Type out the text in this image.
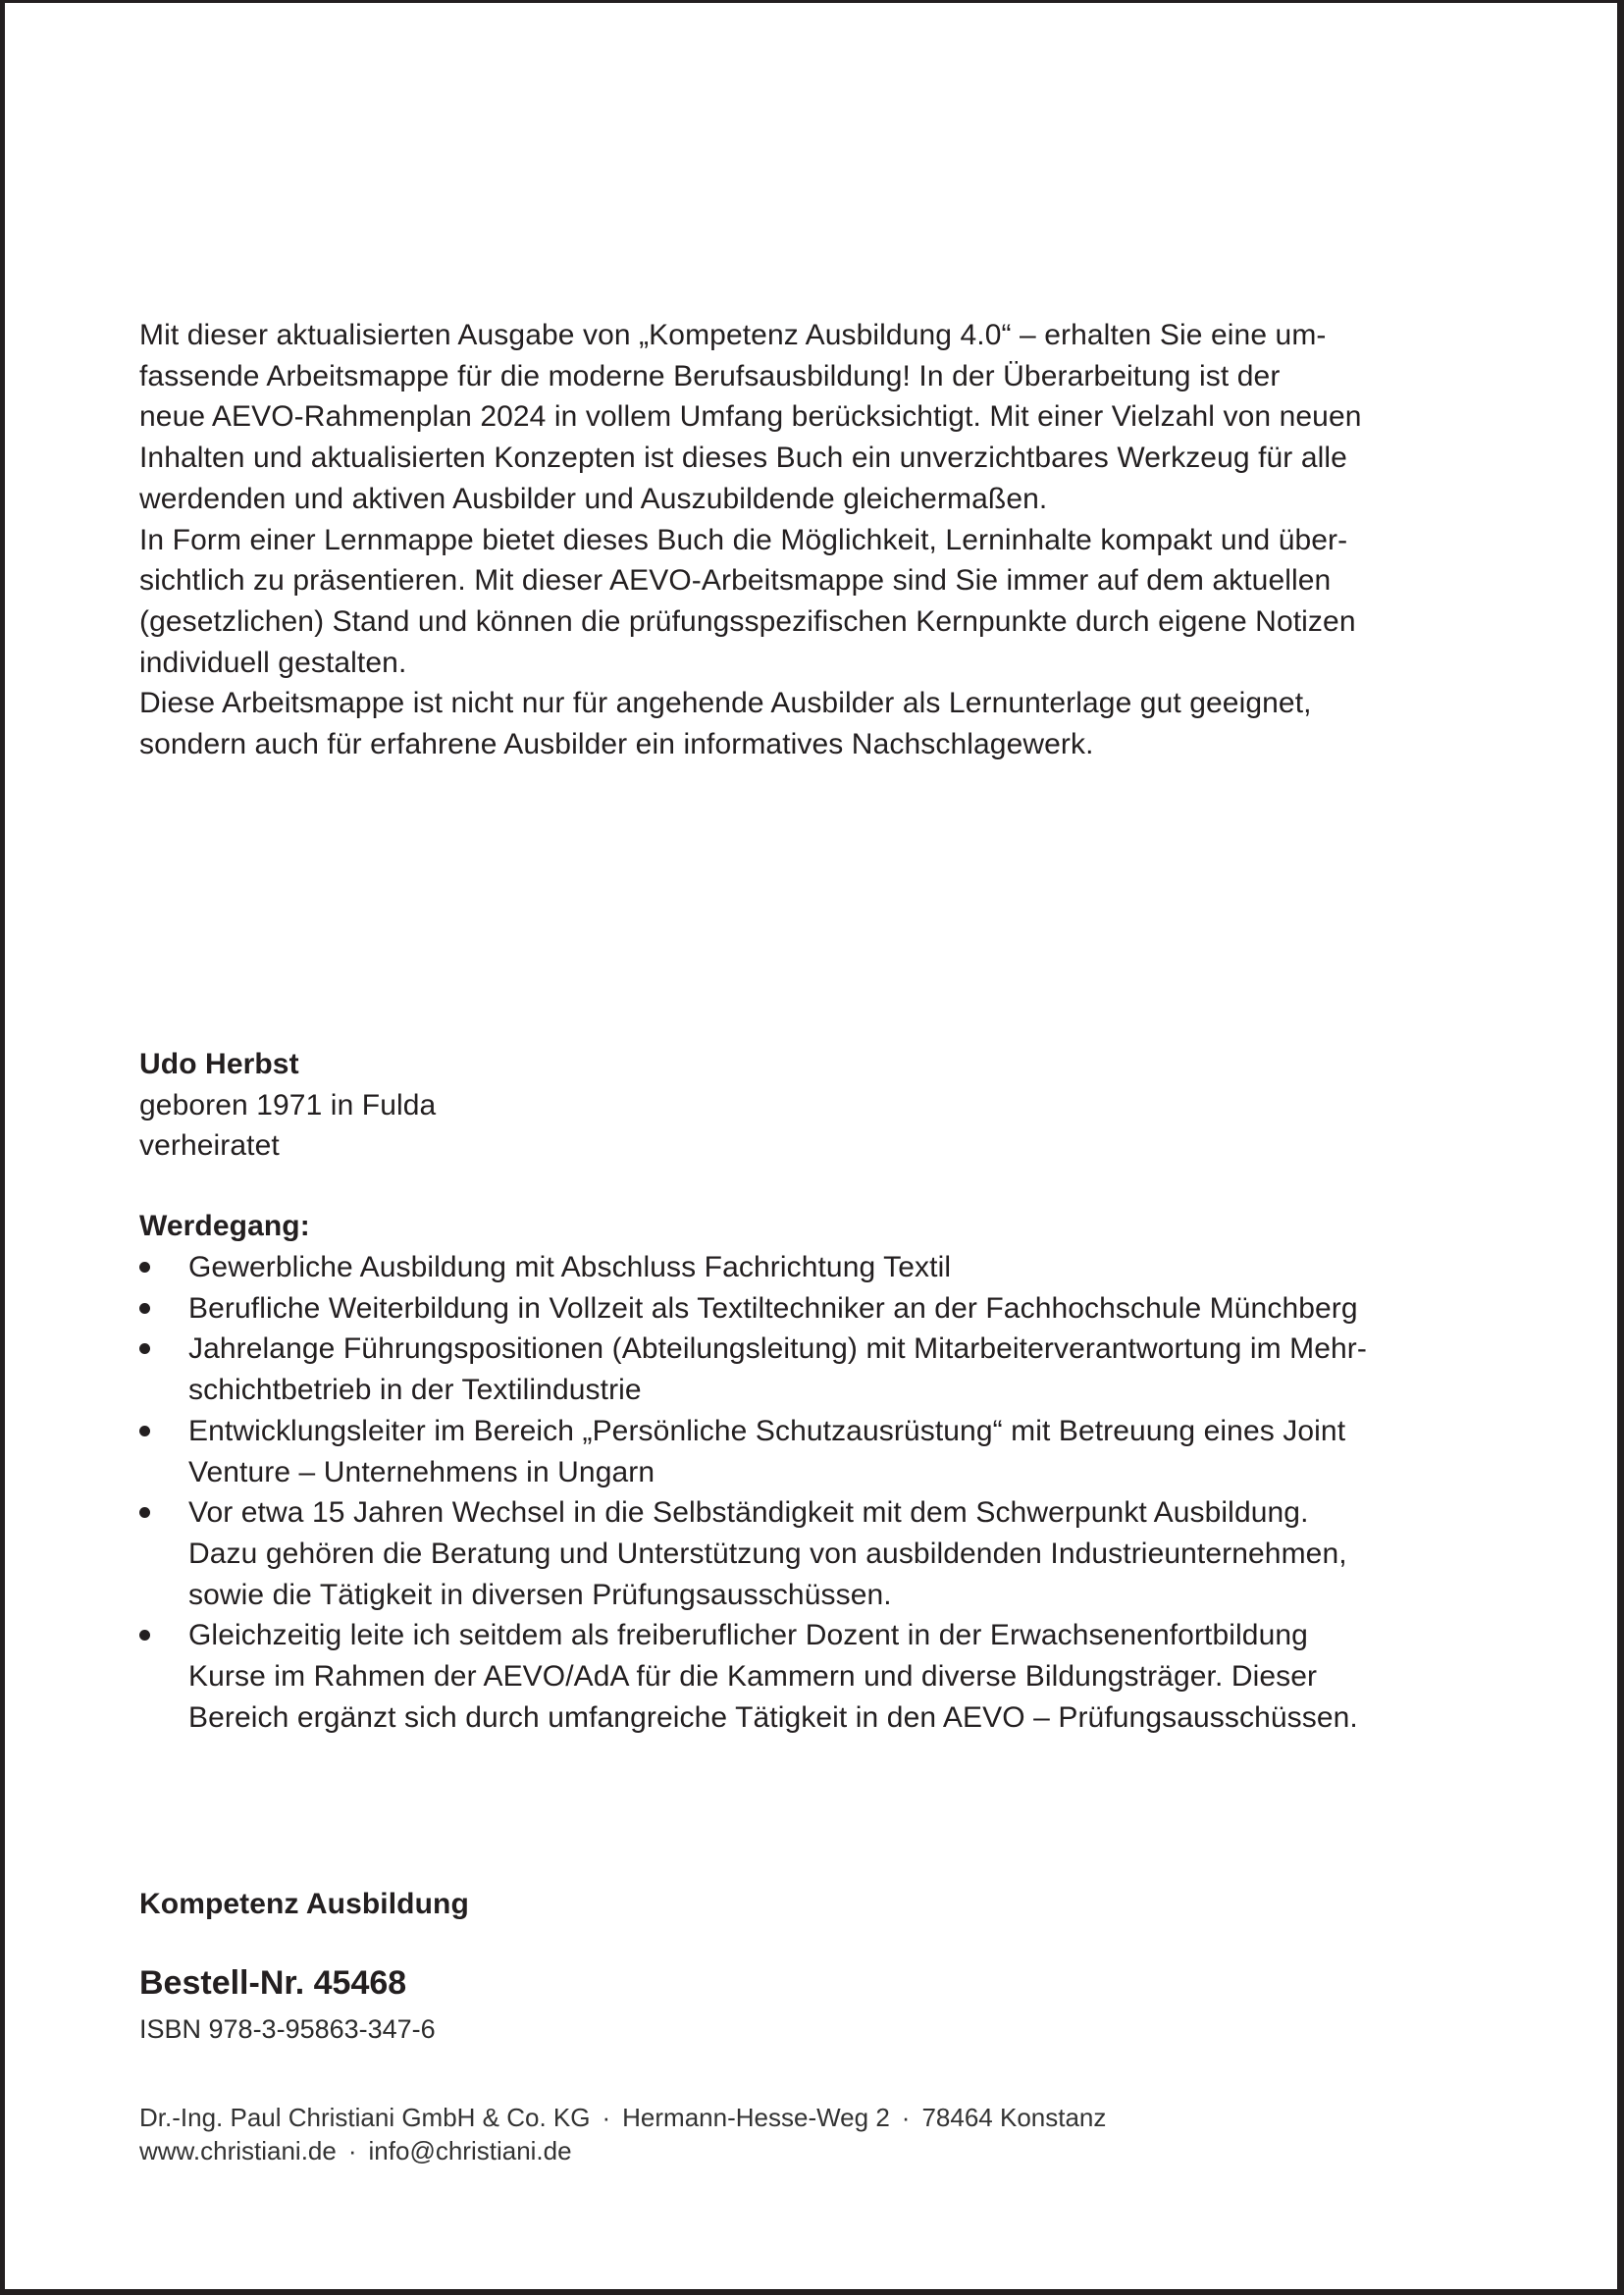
Mit dieser aktualisierten Ausgabe von „Kompetenz Ausbildung 4.0“ – erhalten Sie eine um-
fassende Arbeitsmappe für die moderne Berufsausbildung! In der Überarbeitung ist der
neue AEVO-Rahmenplan 2024 in vollem Umfang berücksichtigt. Mit einer Vielzahl von neuen
Inhalten und aktualisierten Konzepten ist dieses Buch ein unverzichtbares Werkzeug für alle
werdenden und aktiven Ausbilder und Auszubildende gleichermaßen.
In Form einer Lernmappe bietet dieses Buch die Möglichkeit, Lerninhalte kompakt und über-
sichtlich zu präsentieren. Mit dieser AEVO-Arbeitsmappe sind Sie immer auf dem aktuellen
(gesetzlichen) Stand und können die prüfungsspezifischen Kernpunkte durch eigene Notizen
individuell gestalten.
Diese Arbeitsmappe ist nicht nur für angehende Ausbilder als Lernunterlage gut geeignet,
sondern auch für erfahrene Ausbilder ein informatives Nachschlagewerk.
Udo Herbst
geboren 1971 in Fulda
verheiratet
Werdegang:
Gewerbliche Ausbildung mit Abschluss Fachrichtung Textil
Berufliche Weiterbildung in Vollzeit als Textiltechniker an der Fachhochschule Münchberg
Jahrelange Führungspositionen (Abteilungsleitung) mit Mitarbeiterverantwortung im Mehr-
schichtbetrieb in der Textilindustrie
Entwicklungsleiter im Bereich „Persönliche Schutzausrüstung“ mit Betreuung eines Joint
Venture – Unternehmens in Ungarn
Vor etwa 15 Jahren Wechsel in die Selbständigkeit mit dem Schwerpunkt Ausbildung.
Dazu gehören die Beratung und Unterstützung von ausbildenden Industrieunternehmen,
sowie die Tätigkeit in diversen Prüfungsausschüssen.
Gleichzeitig leite ich seitdem als freiberuflicher Dozent in der Erwachsenenfortbildung
Kurse im Rahmen der AEVO/AdA für die Kammern und diverse Bildungsträger. Dieser
Bereich ergänzt sich durch umfangreiche Tätigkeit in den AEVO – Prüfungsausschüssen.
Kompetenz Ausbildung
Bestell-Nr. 45468
ISBN 978-3-95863-347-6
Dr.-Ing. Paul Christiani GmbH & Co. KG · Hermann-Hesse-Weg 2 · 78464 Konstanz
www.christiani.de · info@christiani.de
